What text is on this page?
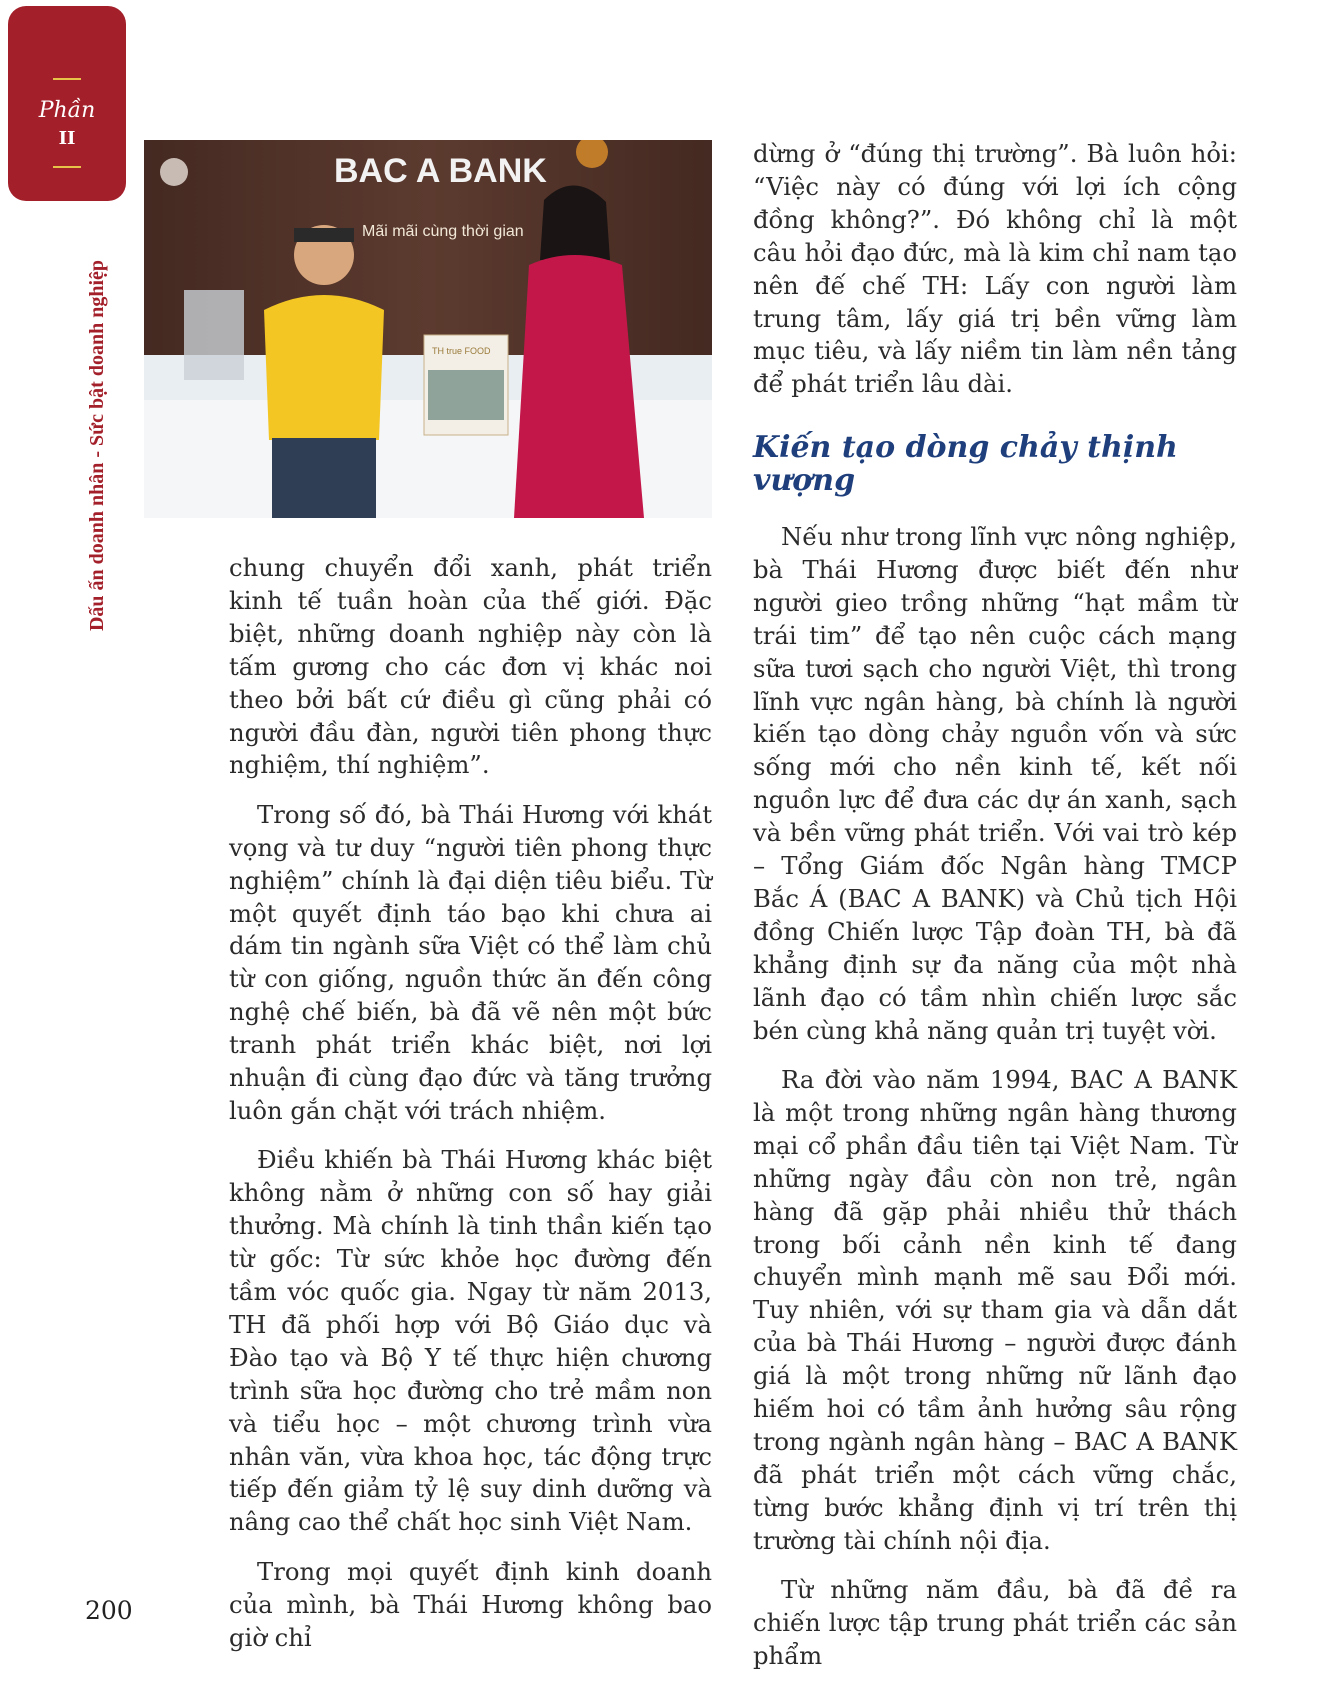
Phần
II
Dấu ấn doanh nhân - Sức bật doanh nghiệp
BAC A BANK
Mãi mãi cùng thời gian
TH true FOOD

dừng ở “đúng thị trường”. Bà luôn hỏi: “Việc này có đúng với lợi ích cộng đồng không?”. Đó không chỉ là một câu hỏi đạo đức, mà là kim chỉ nam tạo nên đế chế TH: Lấy con người làm trung tâm, lấy giá trị bền vững làm mục tiêu, và lấy niềm tin làm nền tảng để phát triển lâu dài.

Kiến tạo dòng chảy thịnh vượng

chung chuyển đổi xanh, phát triển kinh tế tuần hoàn của thế giới. Đặc biệt, những doanh nghiệp này còn là tấm gương cho các đơn vị khác noi theo bởi bất cứ điều gì cũng phải có người đầu đàn, người tiên phong thực nghiệm, thí nghiệm”.

Trong số đó, bà Thái Hương với khát vọng và tư duy “người tiên phong thực nghiệm” chính là đại diện tiêu biểu. Từ một quyết định táo bạo khi chưa ai dám tin ngành sữa Việt có thể làm chủ từ con giống, nguồn thức ăn đến công nghệ chế biến, bà đã vẽ nên một bức tranh phát triển khác biệt, nơi lợi nhuận đi cùng đạo đức và tăng trưởng luôn gắn chặt với trách nhiệm.

Điều khiến bà Thái Hương khác biệt không nằm ở những con số hay giải thưởng. Mà chính là tinh thần kiến tạo từ gốc: Từ sức khỏe học đường đến tầm vóc quốc gia. Ngay từ năm 2013, TH đã phối hợp với Bộ Giáo dục và Đào tạo và Bộ Y tế thực hiện chương trình sữa học đường cho trẻ mầm non và tiểu học – một chương trình vừa nhân văn, vừa khoa học, tác động trực tiếp đến giảm tỷ lệ suy dinh dưỡng và nâng cao thể chất học sinh Việt Nam.

Trong mọi quyết định kinh doanh của mình, bà Thái Hương không bao giờ chỉ

Nếu như trong lĩnh vực nông nghiệp, bà Thái Hương được biết đến như người gieo trồng những “hạt mầm từ trái tim” để tạo nên cuộc cách mạng sữa tươi sạch cho người Việt, thì trong lĩnh vực ngân hàng, bà chính là người kiến tạo dòng chảy nguồn vốn và sức sống mới cho nền kinh tế, kết nối nguồn lực để đưa các dự án xanh, sạch và bền vững phát triển. Với vai trò kép – Tổng Giám đốc Ngân hàng TMCP Bắc Á (BAC A BANK) và Chủ tịch Hội đồng Chiến lược Tập đoàn TH, bà đã khẳng định sự đa năng của một nhà lãnh đạo có tầm nhìn chiến lược sắc bén cùng khả năng quản trị tuyệt vời.

Ra đời vào năm 1994, BAC A BANK là một trong những ngân hàng thương mại cổ phần đầu tiên tại Việt Nam. Từ những ngày đầu còn non trẻ, ngân hàng đã gặp phải nhiều thử thách trong bối cảnh nền kinh tế đang chuyển mình mạnh mẽ sau Đổi mới. Tuy nhiên, với sự tham gia và dẫn dắt của bà Thái Hương – người được đánh giá là một trong những nữ lãnh đạo hiếm hoi có tầm ảnh hưởng sâu rộng trong ngành ngân hàng – BAC A BANK đã phát triển một cách vững chắc, từng bước khẳng định vị trí trên thị trường tài chính nội địa.

Từ những năm đầu, bà đã đề ra chiến lược tập trung phát triển các sản phẩm

200
